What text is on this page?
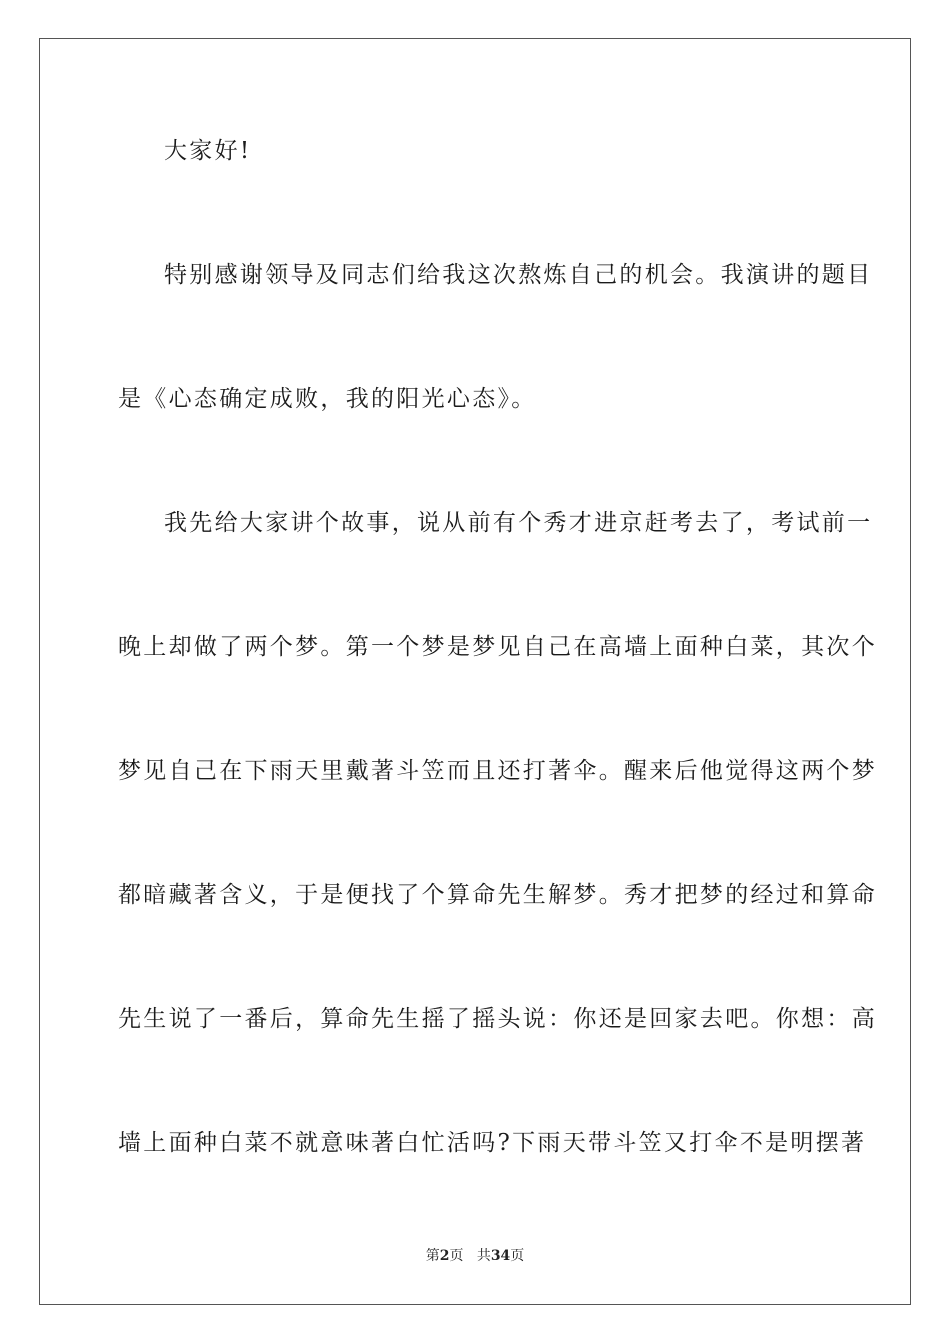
大家好!
特别感谢领导及同志们给我这次熬炼自己的机会。我演讲的题目
是《心态确定成败，我的阳光心态》。
我先给大家讲个故事，说从前有个秀才进京赶考去了，考试前一
晚上却做了两个梦。第一个梦是梦见自己在高墙上面种白菜，其次个
梦见自己在下雨天里戴著斗笠而且还打著伞。醒来后他觉得这两个梦
都暗藏著含义，于是便找了个算命先生解梦。秀才把梦的经过和算命
先生说了一番后，算命先生摇了摇头说：你还是回家去吧。你想：高
墙上面种白菜不就意味著白忙活吗?下雨天带斗笠又打伞不是明摆著
第2页 共34页
